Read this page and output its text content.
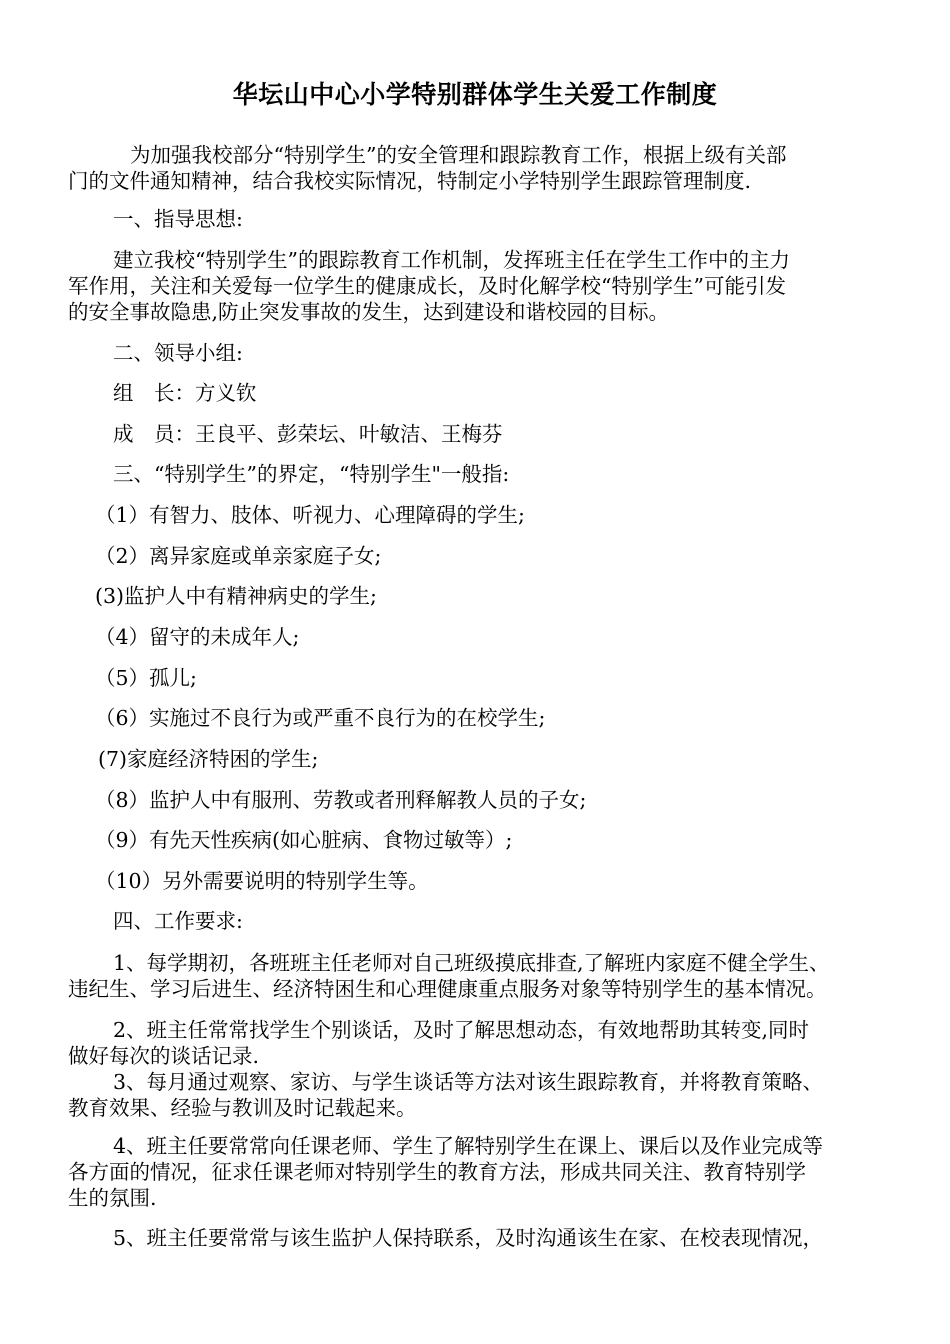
华坛山中心小学特别群体学生关爱工作制度

为加强我校部分“特别学生”的安全管理和跟踪教育工作，根据上级有关部

门的文件通知精神，结合我校实际情况，特制定小学特别学生跟踪管理制度.

一、指导思想:

建立我校“特别学生”的跟踪教育工作机制，发挥班主任在学生工作中的主力

军作用，关注和关爱每一位学生的健康成长，及时化解学校“特别学生”可能引发

的安全事故隐患,防止突发事故的发生，达到建设和谐校园的目标。

二、领导小组:

组　长：方义钦

成　员：王良平、彭荣坛、叶敏洁、王梅芬

三、“特别学生”的界定，“特别学生"一般指:

（1）有智力、肢体、听视力、心理障碍的学生;

（2）离异家庭或单亲家庭子女;

(3)监护人中有精神病史的学生;

（4）留守的未成年人;

（5）孤儿;

（6）实施过不良行为或严重不良行为的在校学生;

(7)家庭经济特困的学生;

（8）监护人中有服刑、劳教或者刑释解教人员的子女;

（9）有先天性疾病(如心脏病、食物过敏等）;

（10）另外需要说明的特别学生等。

四、工作要求:

1、每学期初，各班班主任老师对自己班级摸底排查,了解班内家庭不健全学生、

违纪生、学习后进生、经济特困生和心理健康重点服务对象等特别学生的基本情况。

2、班主任常常找学生个别谈话，及时了解思想动态，有效地帮助其转变,同时

做好每次的谈话记录.

3、每月通过观察、家访、与学生谈话等方法对该生跟踪教育，并将教育策略、

教育效果、经验与教训及时记载起来。

4、班主任要常常向任课老师、学生了解特别学生在课上、课后以及作业完成等

各方面的情况，征求任课老师对特别学生的教育方法，形成共同关注、教育特别学

生的氛围.

5、班主任要常常与该生监护人保持联系，及时沟通该生在家、在校表现情况，
